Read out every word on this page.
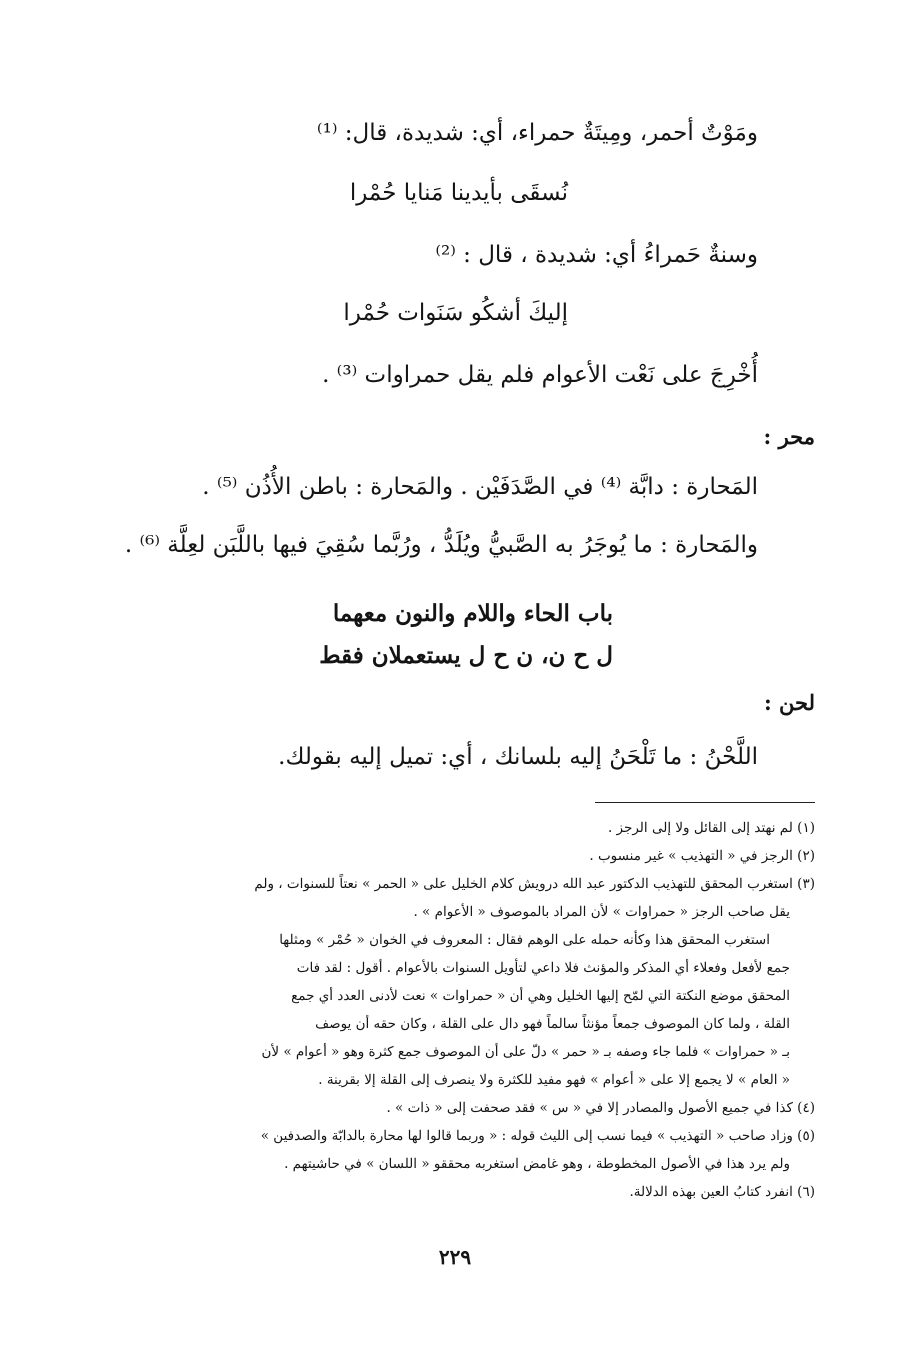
ومَوْتٌ أحمر، ومِيتَةٌ حمراء، أي: شديدة، قال: ⁽¹⁾
نُسقَى بأيدينا مَنايا حُمْرا
وسنةٌ حَمراءُ أي: شديدة ، قال : ⁽²⁾
إليكَ أشكُو سَنَوات حُمْرا
أُخْرِجَ على نَعْت الأعوام فلم يقل حمراوات ⁽³⁾ .
محر :
المَحارة : دابَّة ⁽⁴⁾ في الصَّدَفَيْن . والمَحارة : باطن الأُذُن ⁽⁵⁾ .
والمَحارة : ما يُوجَرُ به الصَّبيُّ ويُلَدُّ ، ورُبَّما سُقِيَ فيها باللَّبَن لعِلَّة ⁽⁶⁾ .
باب الحاء واللام والنون معهما
ل ح ن، ن ح ل يستعملان فقط
لحن :
اللَّحْنُ : ما تَلْحَنُ إليه بلسانك ، أي: تميل إليه بقولك.
(١) لم نهتد إلى القائل ولا إلى الرجز .
(٢) الرجز في « التهذيب » غير منسوب .
(٣) استغرب المحقق للتهذيب الدكتور عبد الله درويش كلام الخليل على « الحمر » نعتاً للسنوات ، ولم
يقل صاحب الرجز « حمراوات » لأن المراد بالموصوف « الأعوام » .
استغرب المحقق هذا وكأنه حمله على الوهم فقال : المعروف في الخوان « حُمْر » ومثلها
جمع لأفعل وفعلاء أي المذكر والمؤنث فلا داعي لتأويل السنوات بالأعوام . أقول : لقد فات
المحقق موضع النكتة التي لمّح إليها الخليل وهي أن « حمراوات » نعت لأدنى العدد أي جمع
القلة ، ولما كان الموصوف جمعاً مؤنثاً سالماً فهو دال على القلة ، وكان حقه أن يوصف
بـ « حمراوات » فلما جاء وصفه بـ « حمر » دلّ على أن الموصوف جمع كثرة وهو « أعوام » لأن
« العام » لا يجمع إلا على « أعوام » فهو مفيد للكثرة ولا ينصرف إلى القلة إلا بقرينة .
(٤) كذا في جميع الأصول والمصادر إلا في « س » فقد صحفت إلى « ذات » .
(٥) وزاد صاحب « التهذيب » فيما نسب إلى الليث قوله : « وربما قالوا لها محارة بالدابّة والصدفين »
ولم يرد هذا في الأصول المخطوطة ، وهو غامض استغربه محققو « اللسان » في حاشيتهم .
(٦) انفرد كتابُ العين بهذه الدلالة.
٢٢٩
